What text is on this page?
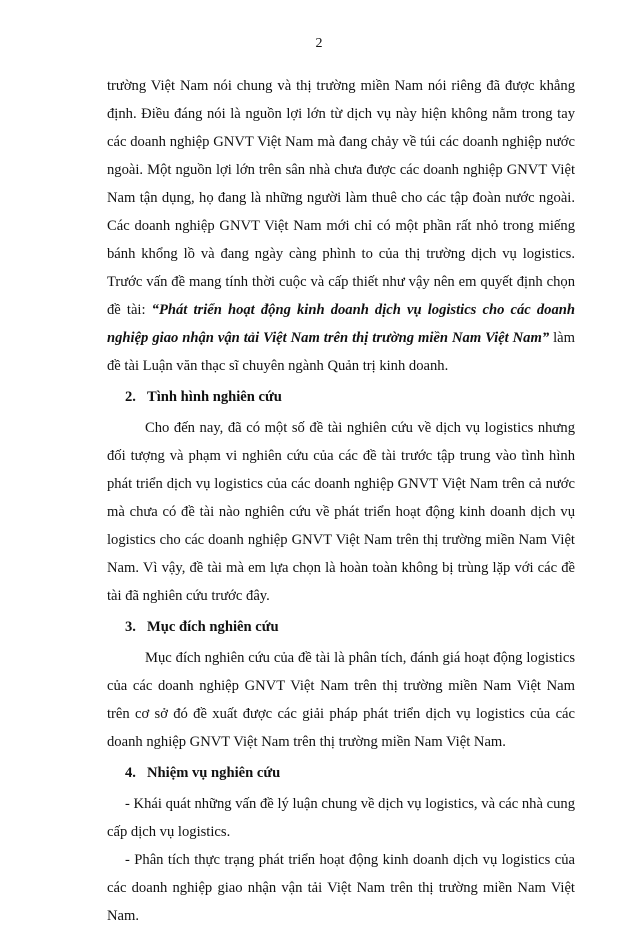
2

trường Việt Nam nói chung và thị trường miền Nam nói riêng đã được khẳng định. Điều đáng nói là nguồn lợi lớn từ dịch vụ này hiện không nằm trong tay các doanh nghiệp GNVT Việt Nam mà đang chảy về túi các doanh nghiệp nước ngoài. Một nguồn lợi lớn trên sân nhà chưa được các doanh nghiệp GNVT Việt Nam tận dụng, họ đang là những người làm thuê cho các tập đoàn nước ngoài. Các doanh nghiệp GNVT Việt Nam mới chỉ có một phần rất nhỏ trong miếng bánh khổng lồ và đang ngày càng phình to của thị trường dịch vụ logistics. Trước vấn đề mang tính thời cuộc và cấp thiết như vậy nên em quyết định chọn đề tài: “Phát triển hoạt động kinh doanh dịch vụ logistics cho các doanh nghiệp giao nhận vận tải Việt Nam trên thị trường miền Nam Việt Nam” làm đề tài Luận văn thạc sĩ chuyên ngành Quản trị kinh doanh.

2. Tình hình nghiên cứu

Cho đến nay, đã có một số đề tài nghiên cứu về dịch vụ logistics nhưng đối tượng và phạm vi nghiên cứu của các đề tài trước tập trung vào tình hình phát triển dịch vụ logistics của các doanh nghiệp GNVT Việt Nam trên cả nước mà chưa có đề tài nào nghiên cứu về phát triển hoạt động kinh doanh dịch vụ logistics cho các doanh nghiệp GNVT Việt Nam trên thị trường miền Nam Việt Nam. Vì vậy, đề tài mà em lựa chọn là hoàn toàn không bị trùng lặp với các đề tài đã nghiên cứu trước đây.

3. Mục đích nghiên cứu

Mục đích nghiên cứu của đề tài là phân tích, đánh giá hoạt động logistics của các doanh nghiệp GNVT Việt Nam trên thị trường miền Nam Việt Nam trên cơ sở đó đề xuất được các giải pháp phát triển dịch vụ logistics của các doanh nghiệp GNVT Việt Nam trên thị trường miền Nam Việt Nam.

4. Nhiệm vụ nghiên cứu

- Khái quát những vấn đề lý luận chung về dịch vụ logistics, và các nhà cung cấp dịch vụ logistics.

- Phân tích thực trạng phát triển hoạt động kinh doanh dịch vụ logistics của các doanh nghiệp giao nhận vận tải Việt Nam trên thị trường miền Nam Việt Nam.
